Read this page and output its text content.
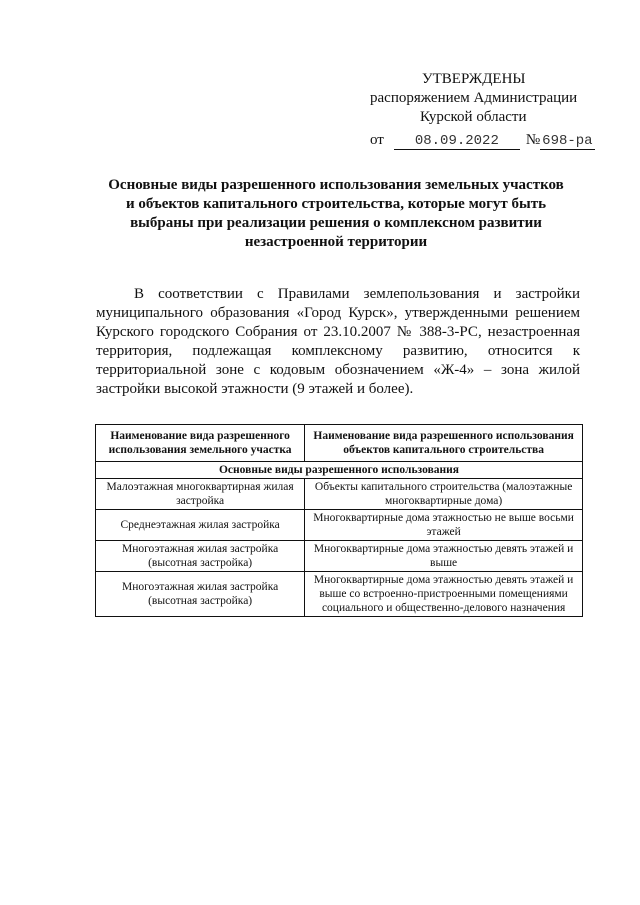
УТВЕРЖДЕНЫ
распоряжением Администрации
Курской области
от	08.09.2022	№ 698-ра
Основные виды разрешенного использования земельных участков
и объектов капитального строительства, которые могут быть
выбраны при реализации решения о комплексном развитии
незастроенной территории
В соответствии с Правилами землепользования и застройки
муниципального образования «Город Курск», утвержденными решением
Курского городского Собрания от 23.10.2007 № 388-3-РС, незастроенная
территория, подлежащая комплексному развитию, относится к
территориальной зоне с кодовым обозначением «Ж-4» – зона жилой
застройки высокой этажности (9 этажей и более).
Наименование вида разрешенного использования земельного участка	Наименование вида разрешенного использования объектов капитального строительства
Основные виды разрешенного использования	
Малоэтажная многоквартирная жилая застройка	Объекты капитального строительства (малоэтажные многоквартирные дома)
Среднеэтажная жилая застройка	Многоквартирные дома этажностью не выше восьми этажей
Многоэтажная жилая застройка (высотная застройка)	Многоквартирные дома этажностью девять этажей и выше
Многоэтажная жилая застройка (высотная застройка)	Многоквартирные дома этажностью девять этажей и выше со встроенно-пристроенными помещениями социального и общественно-делового назначения
